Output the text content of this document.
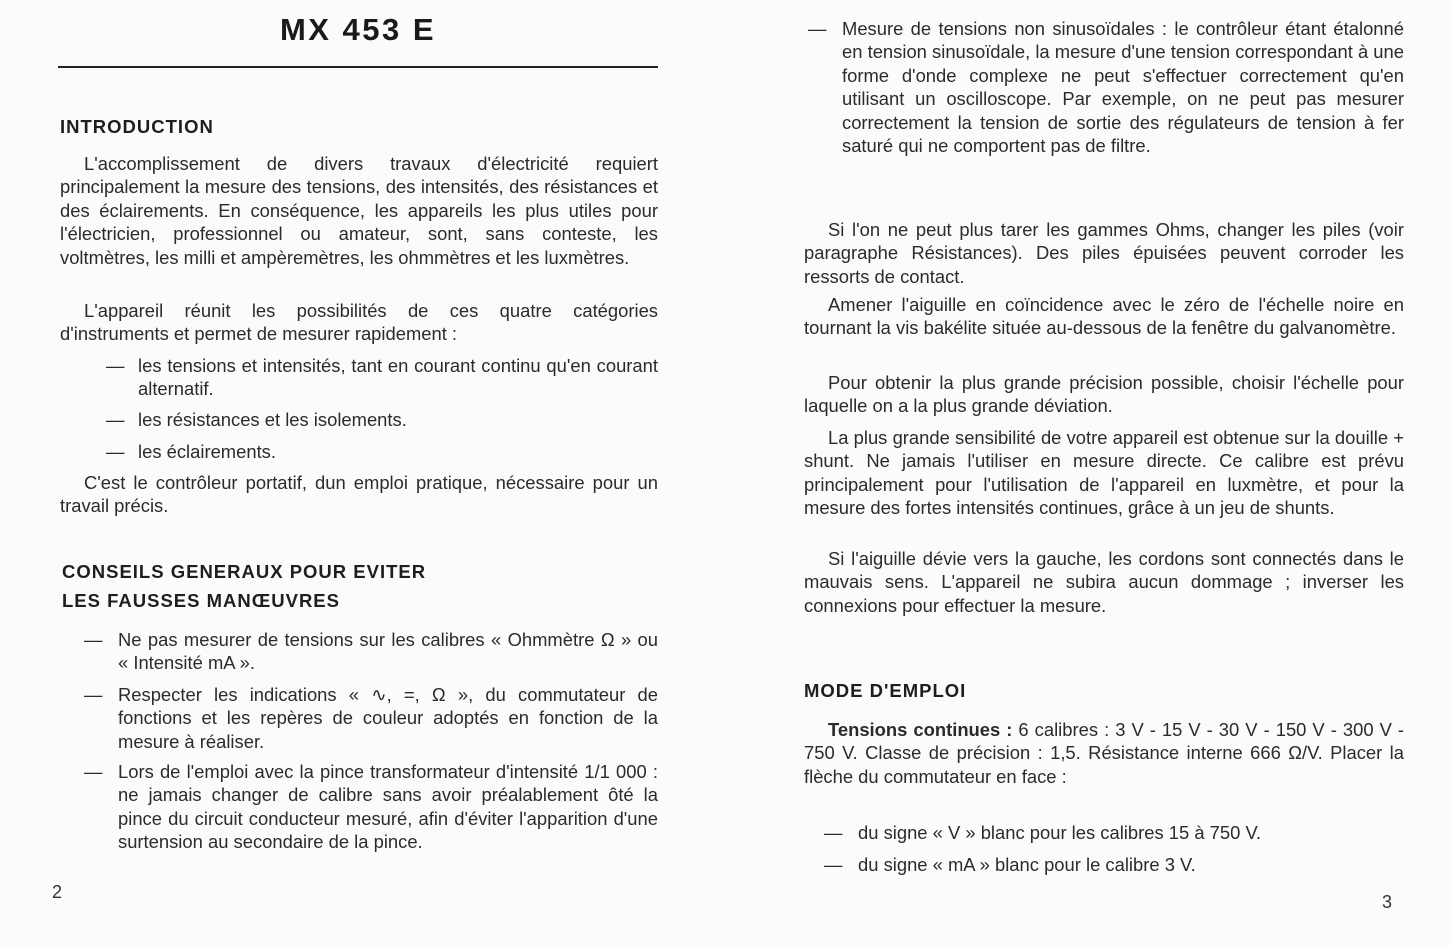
MX 453 E
INTRODUCTION

L'accomplissement de divers travaux d'électricité requiert principalement la mesure des tensions, des intensités, des résistances et des éclairements. En conséquence, les appareils les plus utiles pour l'électricien, professionnel ou amateur, sont, sans conteste, les voltmètres, les milli et ampèremètres, les ohmmètres et les luxmètres.

L'appareil réunit les possibilités de ces quatre catégories d'instruments et permet de mesurer rapidement :

— les tensions et intensités, tant en courant continu qu'en courant alternatif.
— les résistances et les isolements.
— les éclairements.

C'est le contrôleur portatif, dun emploi pratique, nécessaire pour un travail précis.

CONSEILS GENERAUX POUR EVITER
LES FAUSSES MANŒUVRES
— Ne pas mesurer de tensions sur les calibres « Ohmmètre Ω » ou « Intensité mA ».
— Respecter les indications « ∿, =, Ω », du commutateur de fonctions et les repères de couleur adoptés en fonction de la mesure à réaliser.
— Lors de l'emploi avec la pince transformateur d'intensité 1/1 000 : ne jamais changer de calibre sans avoir préalablement ôté la pince du circuit conducteur mesuré, afin d'éviter l'apparition d'une surtension au secondaire de la pince.
2
— Mesure de tensions non sinusoïdales : le contrôleur étant étalonné en tension sinusoïdale, la mesure d'une tension correspondant à une forme d'onde complexe ne peut s'effectuer correctement qu'en utilisant un oscilloscope. Par exemple, on ne peut pas mesurer correctement la tension de sortie des régulateurs de tension à fer saturé qui ne comportent pas de filtre.

Si l'on ne peut plus tarer les gammes Ohms, changer les piles (voir paragraphe Résistances). Des piles épuisées peuvent corroder les ressorts de contact.

Amener l'aiguille en coïncidence avec le zéro de l'échelle noire en tournant la vis bakélite située au-dessous de la fenêtre du galvanomètre.

Pour obtenir la plus grande précision possible, choisir l'échelle pour laquelle on a la plus grande déviation.

La plus grande sensibilité de votre appareil est obtenue sur la douille + shunt. Ne jamais l'utiliser en mesure directe. Ce calibre est prévu principalement pour l'utilisation de l'appareil en luxmètre, et pour la mesure des fortes intensités continues, grâce à un jeu de shunts.

Si l'aiguille dévie vers la gauche, les cordons sont connectés dans le mauvais sens. L'appareil ne subira aucun dommage ; inverser les connexions pour effectuer la mesure.

MODE D'EMPLOI

Tensions continues : 6 calibres : 3 V - 15 V - 30 V - 150 V - 300 V - 750 V. Classe de précision : 1,5. Résistance interne 666 Ω/V. Placer la flèche du commutateur en face :

— du signe « V » blanc pour les calibres 15 à 750 V.
— du signe « mA » blanc pour le calibre 3 V.
3
